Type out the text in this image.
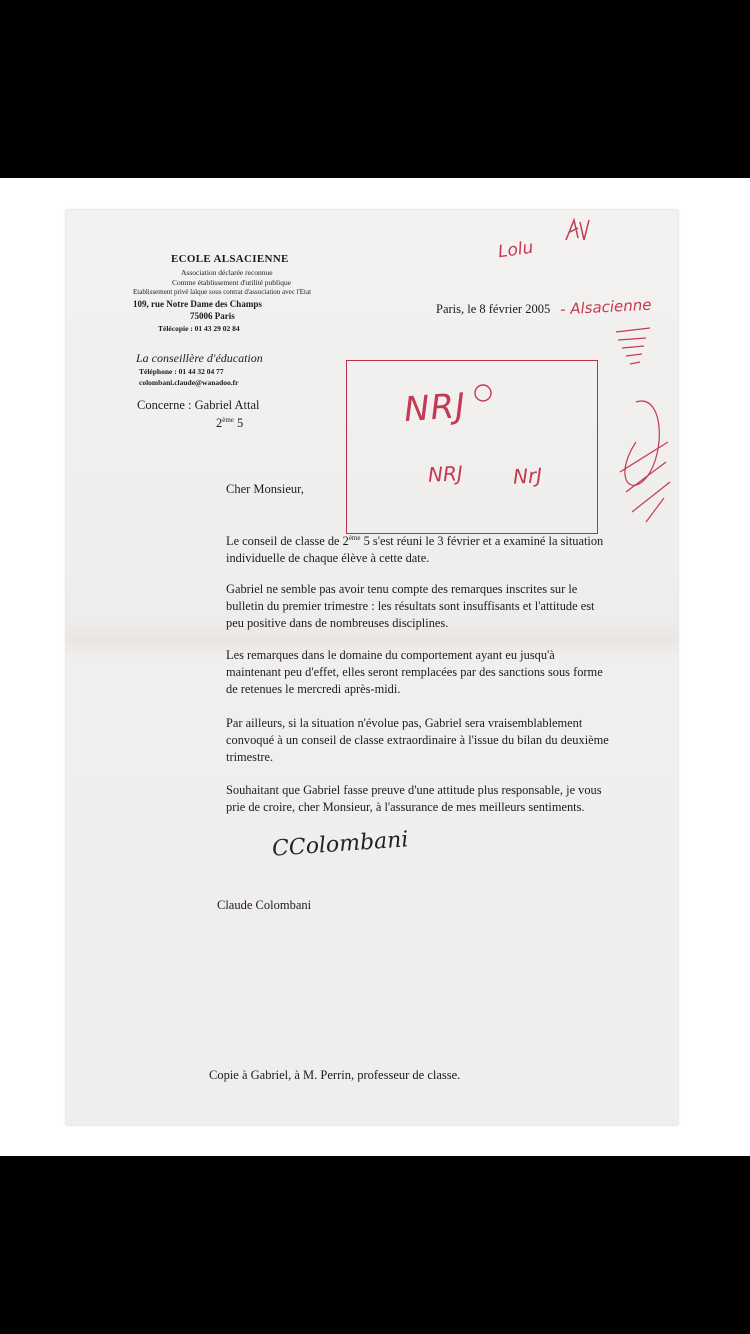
ECOLE ALSACIENNE
Association déclarée reconnue
Comme établissement d'utilité publique
Etablissement privé laïque sous contrat d'association avec l'Etat
109, rue Notre Dame des Champs
75006 Paris
Télécopie : 01 43 29 02 84
La conseillère d'éducation
Téléphone : 01 44 32 04 77
colombani.claude@wanadoo.fr
Concerne : Gabriel Attal
2ème 5
Paris, le 8 février 2005
Cher Monsieur,
Le conseil de classe de 2ème 5 s'est réuni le 3 février et a examiné la situation individuelle de chaque élève à cette date.
Gabriel ne semble pas avoir tenu compte des remarques inscrites sur le bulletin du premier trimestre : les résultats sont insuffisants et l'attitude est peu positive dans de nombreuses disciplines.
Les remarques dans le domaine du comportement ayant eu jusqu'à maintenant peu d'effet, elles seront remplacées par des sanctions sous forme de retenues le mercredi après-midi.
Par ailleurs, si la situation n'évolue pas, Gabriel sera vraisemblablement convoqué à un conseil de classe extraordinaire à l'issue du bilan du deuxième trimestre.
Souhaitant que Gabriel fasse preuve d'une attitude plus responsable, je vous prie de croire, cher Monsieur, à l'assurance de mes meilleurs sentiments.
CColombani
Claude Colombani
Copie à Gabriel, à M. Perrin, professeur de classe.
Lolu
- Alsacienne
NRJ
NRJ NrJ
